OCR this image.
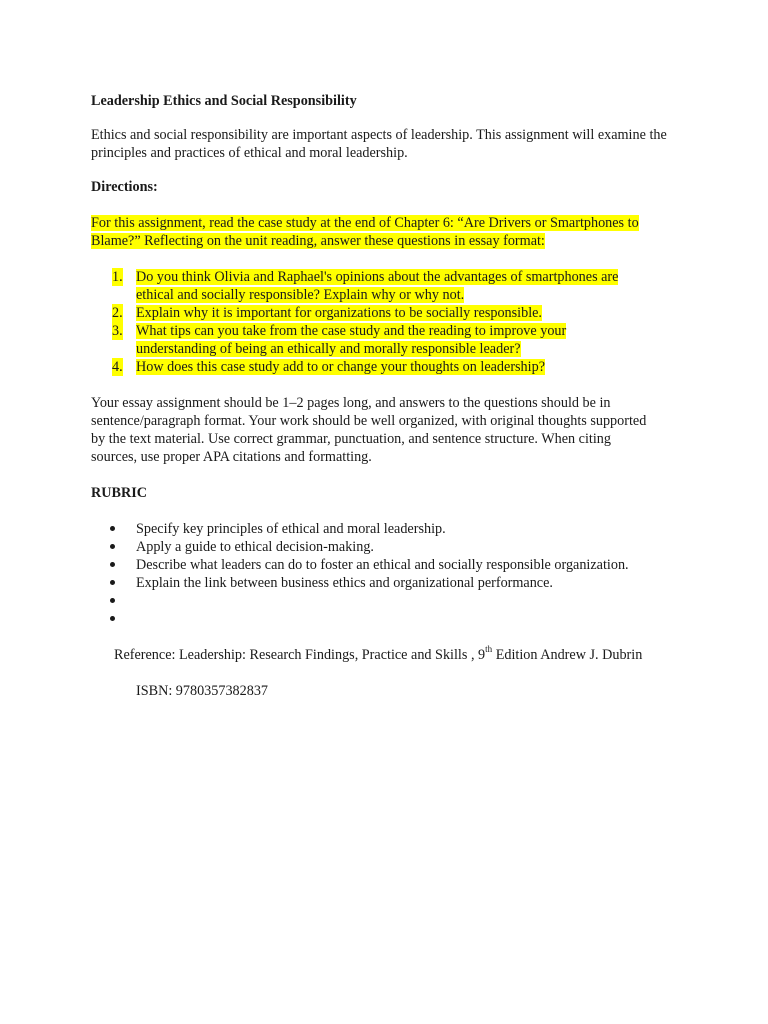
Leadership Ethics and Social Responsibility

Ethics and social responsibility are important aspects of leadership. This assignment will examine the principles and practices of ethical and moral leadership.

Directions:

For this assignment, read the case study at the end of Chapter 6: “Are Drivers or Smartphones to
Blame?” Reflecting on the unit reading, answer these questions in essay format:

1. Do you think Olivia and Raphael's opinions about the advantages of smartphones are
ethical and socially responsible? Explain why or why not.
2. Explain why it is important for organizations to be socially responsible.
3. What tips can you take from the case study and the reading to improve your
understanding of being an ethically and morally responsible leader?
4. How does this case study add to or change your thoughts on leadership?

Your essay assignment should be 1–2 pages long, and answers to the questions should be in sentence/paragraph format. Your work should be well organized, with original thoughts supported by the text material. Use correct grammar, punctuation, and sentence structure. When citing sources, use proper APA citations and formatting.

RUBRIC

Specify key principles of ethical and moral leadership.
Apply a guide to ethical decision-making.
Describe what leaders can do to foster an ethical and socially responsible organization.
Explain the link between business ethics and organizational performance.

Reference: Leadership: Research Findings, Practice and Skills , 9th Edition Andrew J. Dubrin

ISBN: 9780357382837
